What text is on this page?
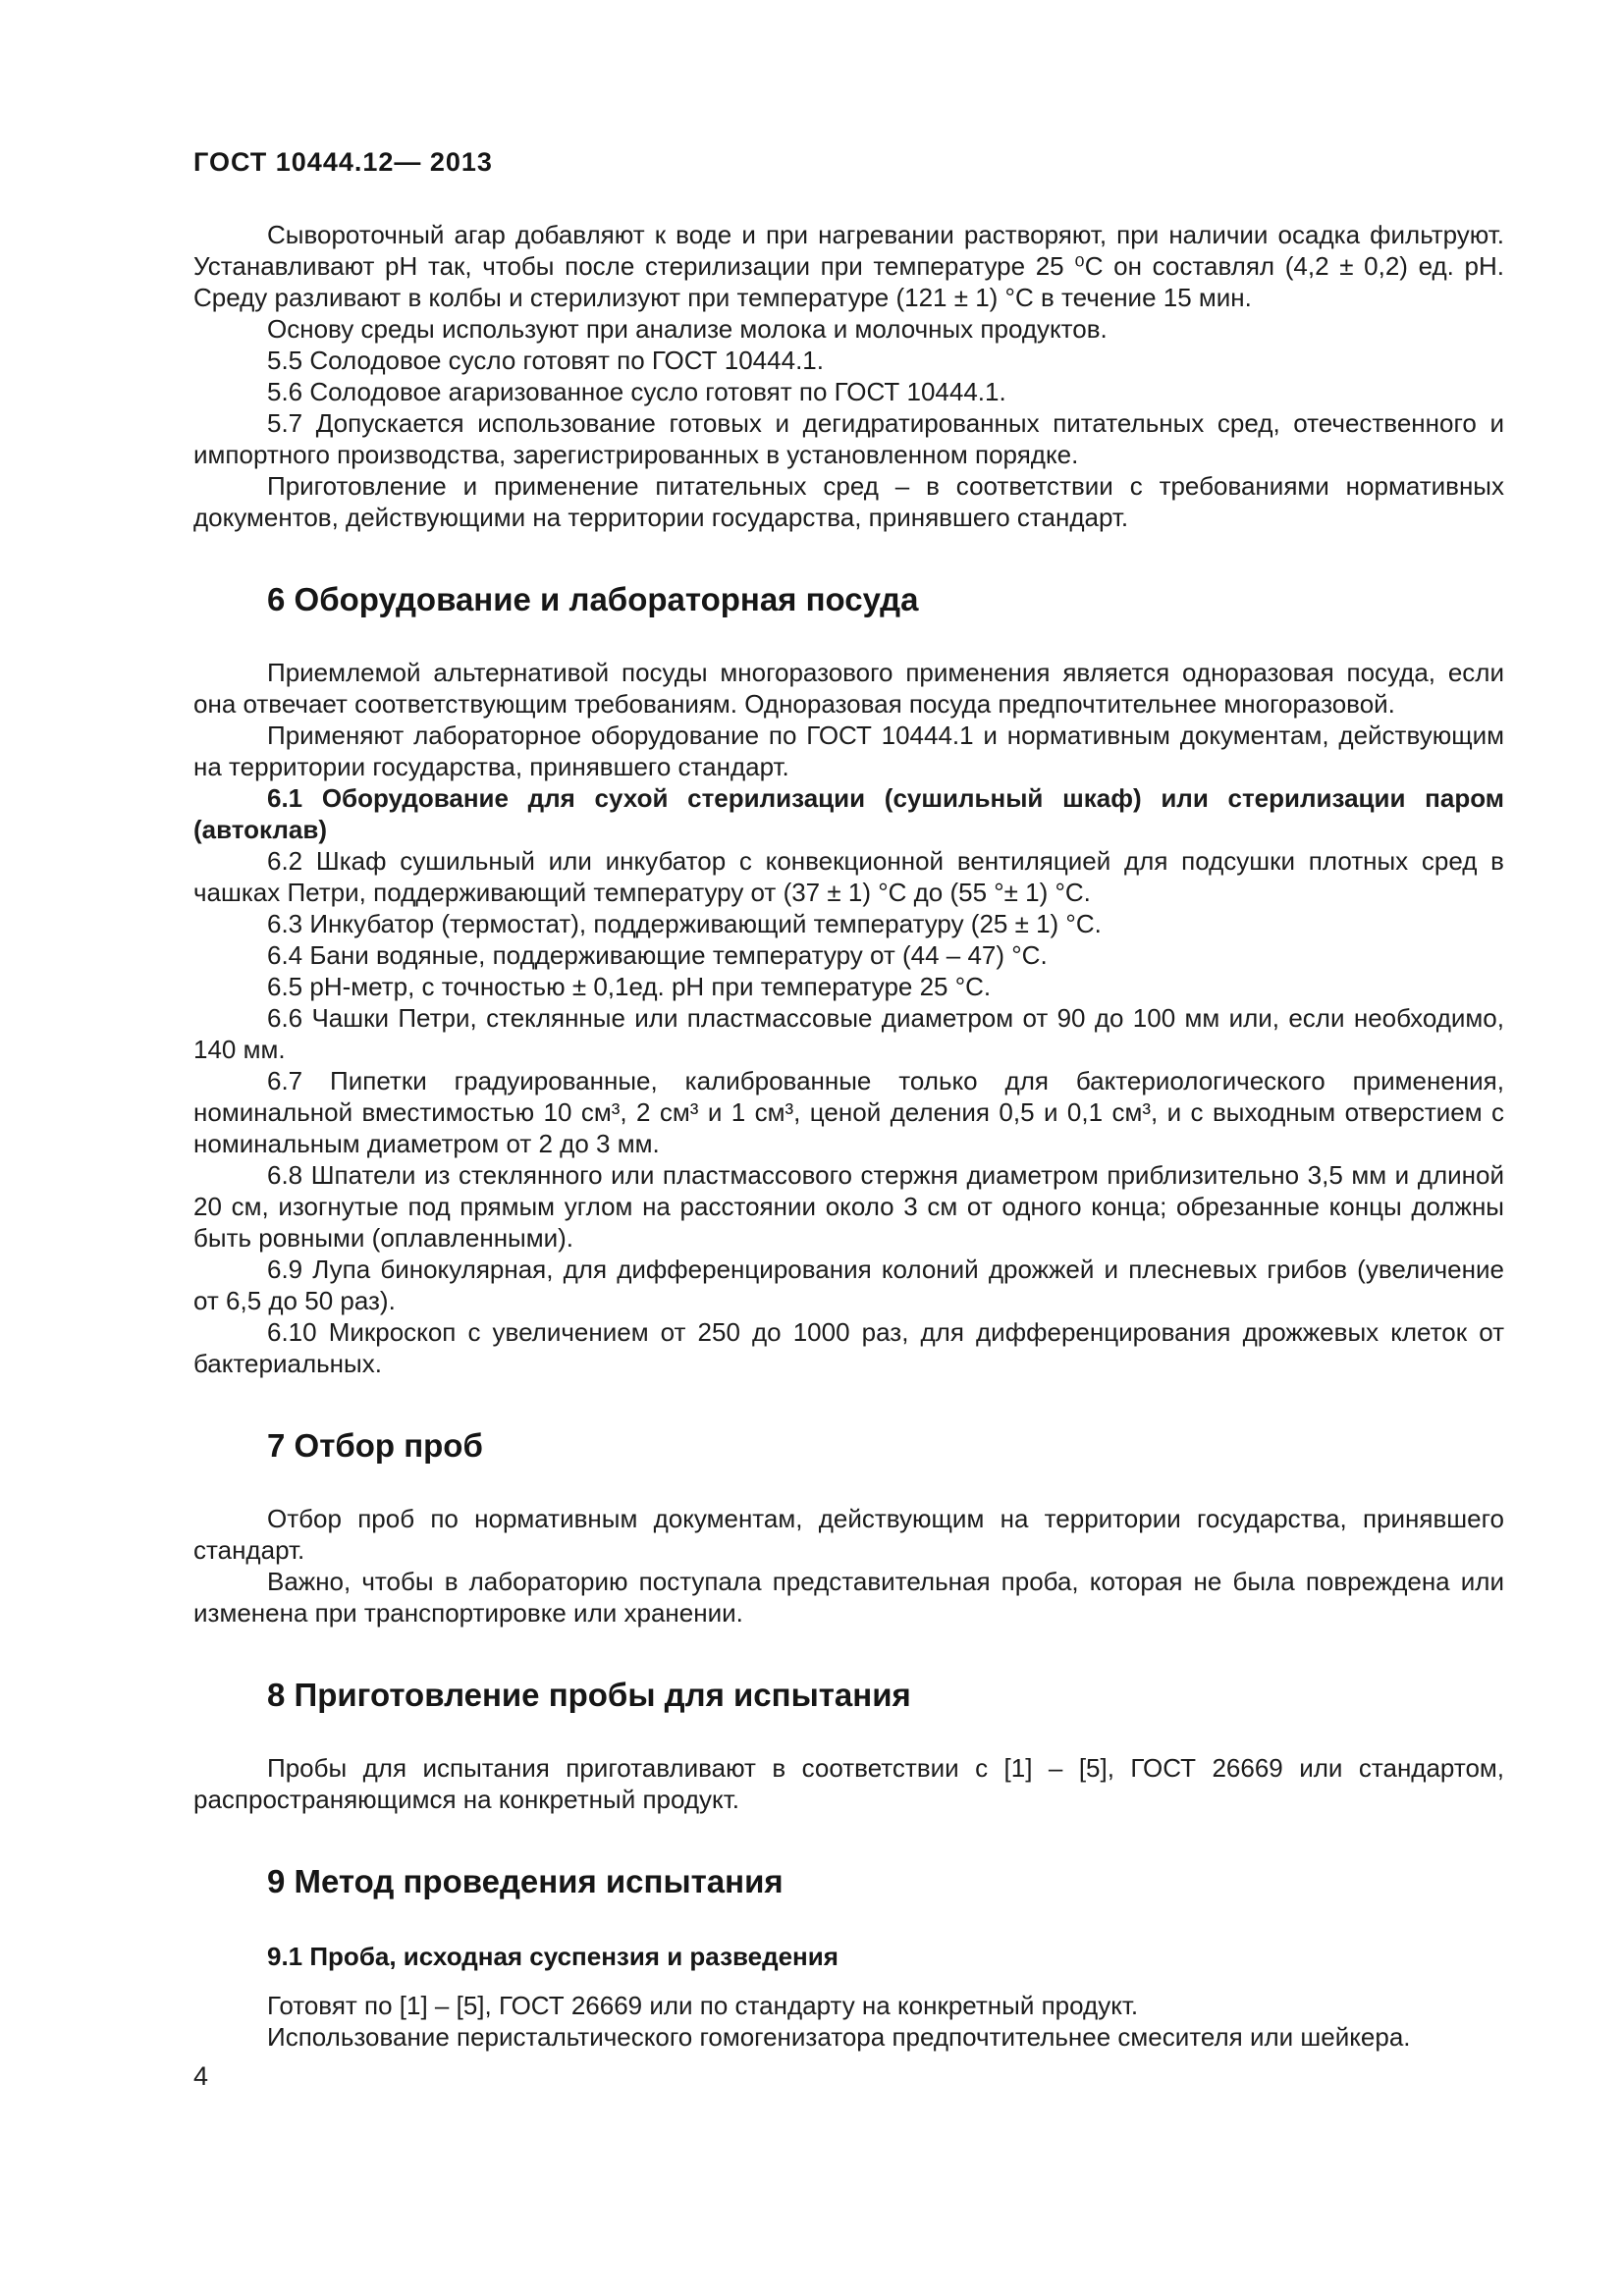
ГОСТ 10444.12— 2013

Сывороточный агар добавляют к воде и при нагревании растворяют, при наличии осадка фильтруют. Устанавливают pH так, чтобы после стерилизации при температуре 25 ⁰С он составлял (4,2 ± 0,2) ед. pH. Среду разливают в колбы и стерилизуют при температуре (121 ± 1) °С в течение 15 мин.

Основу среды используют при анализе молока и молочных продуктов.

5.5 Солодовое сусло готовят по ГОСТ 10444.1.

5.6 Солодовое агаризованное сусло готовят по ГОСТ 10444.1.

5.7 Допускается использование готовых и дегидратированных питательных сред, отечественного и импортного производства, зарегистрированных в установленном порядке.

Приготовление и применение питательных сред – в соответствии с требованиями нормативных документов, действующими на территории государства, принявшего стандарт.

6 Оборудование и лабораторная посуда

Приемлемой альтернативой посуды многоразового применения является одноразовая посуда, если она отвечает соответствующим требованиям. Одноразовая посуда предпочтительнее многоразовой.

Применяют лабораторное оборудование по ГОСТ 10444.1 и нормативным документам, действующим на территории государства, принявшего стандарт.

6.1 Оборудование для сухой стерилизации (сушильный шкаф) или стерилизации паром (автоклав)

6.2 Шкаф сушильный или инкубатор с конвекционной вентиляцией для подсушки плотных сред в чашках Петри, поддерживающий температуру от (37 ± 1) °С до (55 °± 1) °С.

6.3 Инкубатор (термостат), поддерживающий температуру (25 ± 1) °С.

6.4 Бани водяные, поддерживающие температуру от (44 – 47) °С.

6.5 pH-метр, с точностью ± 0,1ед. pH при температуре 25 °С.

6.6 Чашки Петри, стеклянные или пластмассовые диаметром от 90 до 100 мм или, если необходимо, 140 мм.

6.7 Пипетки градуированные, калиброванные только для бактериологического применения, номинальной вместимостью 10 см³, 2 см³ и 1 см³, ценой деления 0,5 и 0,1 см³, и с выходным отверстием с номинальным диаметром от 2 до 3 мм.

6.8 Шпатели из стеклянного или пластмассового стержня диаметром приблизительно 3,5 мм и длиной 20 см, изогнутые под прямым углом на расстоянии около 3 см от одного конца; обрезанные концы должны быть ровными (оплавленными).

6.9 Лупа бинокулярная, для дифференцирования колоний дрожжей и плесневых грибов (увеличение от 6,5 до 50 раз).

6.10 Микроскоп с увеличением от 250 до 1000 раз, для дифференцирования дрожжевых клеток от бактериальных.

7 Отбор проб

Отбор проб по нормативным документам, действующим на территории государства, принявшего стандарт.

Важно, чтобы в лабораторию поступала представительная проба, которая не была повреждена или изменена при транспортировке или хранении.

8 Приготовление пробы для испытания

Пробы для испытания приготавливают в соответствии с [1] – [5], ГОСТ 26669 или стандартом, распространяющимся на конкретный продукт.

9 Метод проведения испытания
9.1 Проба, исходная суспензия и разведения

Готовят по [1] – [5], ГОСТ 26669 или по стандарту на конкретный продукт.

Использование перистальтического гомогенизатора предпочтительнее смесителя или шейкера.

4
